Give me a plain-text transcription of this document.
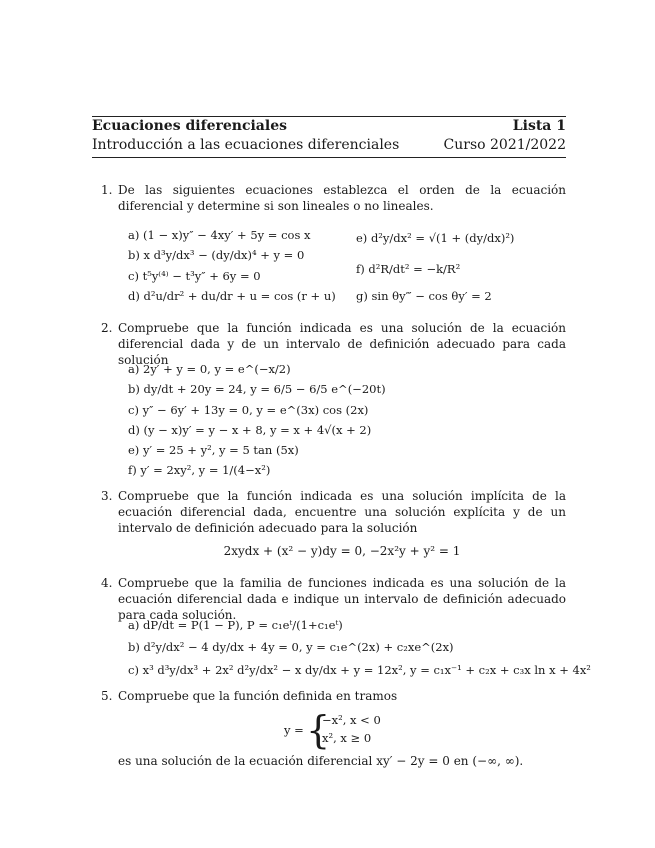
Ecuaciones diferenciales	Lista 1
Introducción a las ecuaciones diferenciales	Curso 2021/2022
1. De las siguientes ecuaciones establezca el orden de la ecuación diferencial y determine si son lineales o no lineales.
a) (1 − x)y″ − 4xy′ + 5y = cos x
b) x d³y/dx³ − (dy/dx)⁴ + y = 0
c) t⁵y⁽⁴⁾ − t³y″ + 6y = 0
d) d²u/dr² + du/dr + u = cos (r + u)
e) d²y/dx² = √(1 + (dy/dx)²)
f) d²R/dt² = −k/R²
g) sin θy‴ − cos θy′ = 2
2. Compruebe que la función indicada es una solución de la ecuación diferencial dada y de un intervalo de definición adecuado para cada solución
a) 2y′ + y = 0, y = e^(−x/2)
b) dy/dt + 20y = 24, y = 6/5 − 6/5 e^(−20t)
c) y″ − 6y′ + 13y = 0, y = e^(3x) cos (2x)
d) (y − x)y′ = y − x + 8, y = x + 4√(x + 2)
e) y′ = 25 + y², y = 5 tan (5x)
f) y′ = 2xy², y = 1/(4−x²)
3. Compruebe que la función indicada es una solución implícita de la ecuación diferencial dada, encuentre una solución explícita y de un intervalo de definición adecuado para la solución
2xydx + (x² − y)dy = 0, −2x²y + y² = 1
4. Compruebe que la familia de funciones indicada es una solución de la ecuación diferencial dada e indique un intervalo de definición adecuado para cada solución.
a) dP/dt = P(1 − P), P = c₁eᵗ/(1+c₁eᵗ)
b) d²y/dx² − 4 dy/dx + 4y = 0, y = c₁e^(2x) + c₂xe^(2x)
c) x³ d³y/dx³ + 2x² d²y/dx² − x dy/dx + y = 12x², y = c₁x⁻¹ + c₂x + c₃x ln x + 4x²
5. Compruebe que la función definida en tramos
y = {
−x², x < 0
x², x ≥ 0
es una solución de la ecuación diferencial xy′ − 2y = 0 en (−∞, ∞).
